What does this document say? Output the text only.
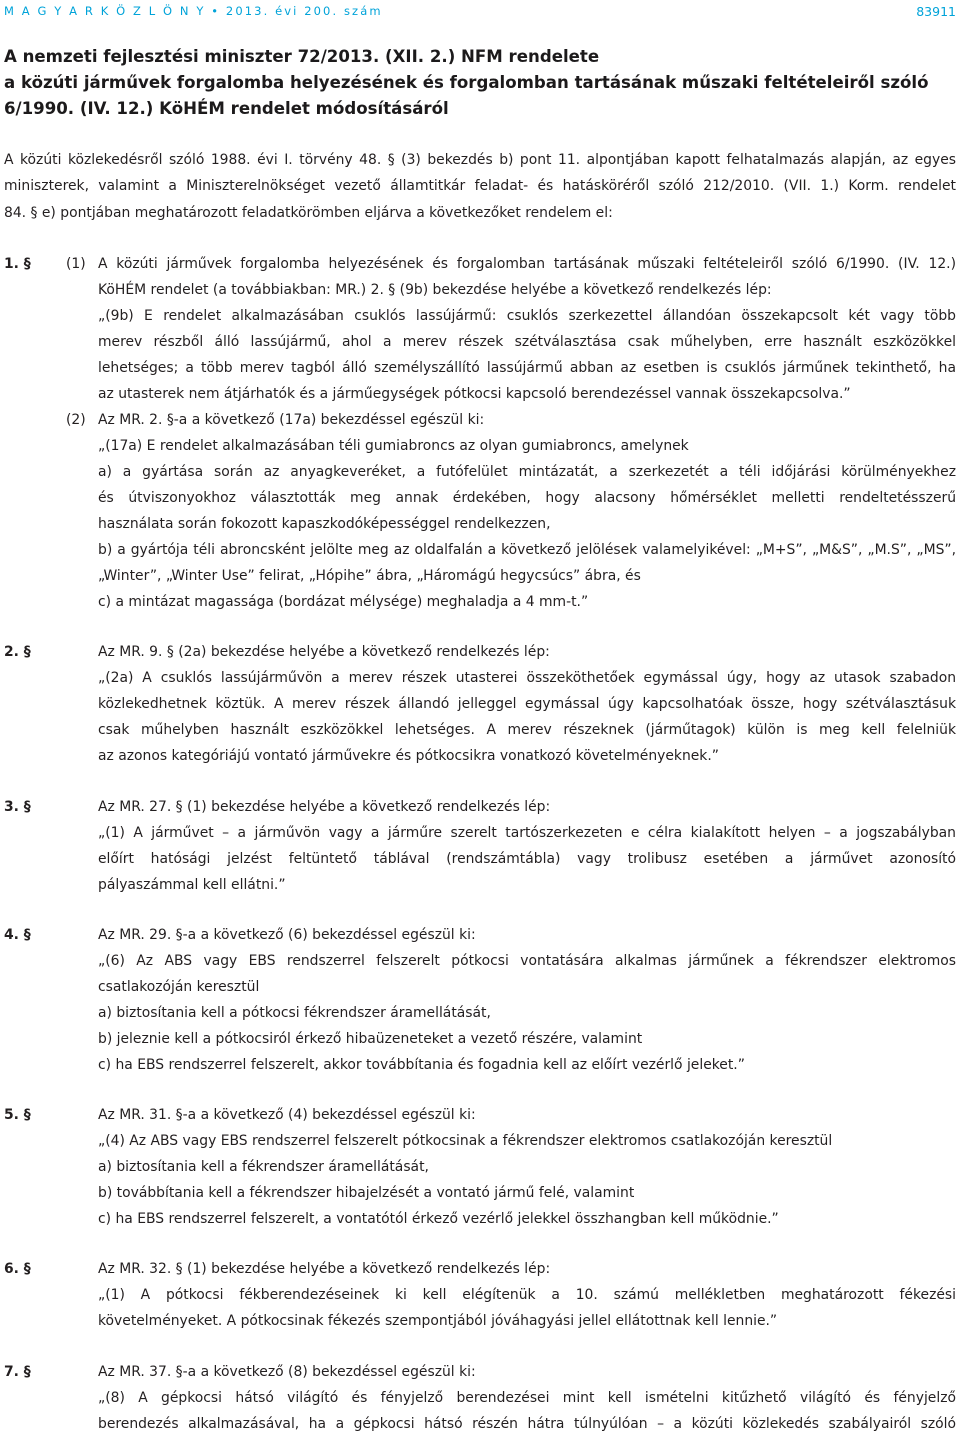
M A G Y A R K Ö Z L Ö N Y • 2013. évi 200. szám	83911
A nemzeti fejlesztési miniszter 72/2013. (XII. 2.) NFM rendelete
a közúti járművek forgalomba helyezésének és forgalomban tartásának műszaki feltételeiről szóló
6/1990. (IV. 12.) KöHÉM rendelet módosításáról
A közúti közlekedésről szóló 1988. évi I. törvény 48. § (3) bekezdés b) pont 11. alpontjában kapott felhatalmazás alapján, az egyes
miniszterek, valamint a Miniszterelnökséget vezető államtitkár feladat- és hatásköréről szóló 212/2010. (VII. 1.) Korm. rendelet
84. § e) pontjában meghatározott feladatkörömben eljárva a következőket rendelem el:
1. §	(1) A közúti járművek forgalomba helyezésének és forgalomban tartásának műszaki feltételeiről szóló 6/1990. (IV. 12.)
KöHÉM rendelet (a továbbiakban: MR.) 2. § (9b) bekezdése helyébe a következő rendelkezés lép:
„(9b) E rendelet alkalmazásában csuklós lassújármű: csuklós szerkezettel állandóan összekapcsolt két vagy több
merev részből álló lassújármű, ahol a merev részek szétválasztása csak műhelyben, erre használt eszközökkel
lehetséges; a több merev tagból álló személyszállító lassújármű abban az esetben is csuklós járműnek tekinthető, ha
az utasterek nem átjárhatók és a járműegységek pótkocsi kapcsoló berendezéssel vannak összekapcsolva.”
(2) Az MR. 2. §-a a következő (17a) bekezdéssel egészül ki:
„(17a) E rendelet alkalmazásában téli gumiabroncs az olyan gumiabroncs, amelynek
a) a gyártása során az anyagkeveréket, a futófelület mintázatát, a szerkezetét a téli időjárási körülményekhez
és útviszonyokhoz választották meg annak érdekében, hogy alacsony hőmérséklet melletti rendeltetésszerű
használata során fokozott kapaszkodóképességgel rendelkezzen,
b) a gyártója téli abroncsként jelölte meg az oldalfalán a következő jelölések valamelyikével: „M+S”, „M&S”, „M.S”, „MS”,
„Winter”, „Winter Use” felirat, „Hópihe” ábra, „Háromágú hegycsúcs” ábra, és
c) a mintázat magassága (bordázat mélysége) meghaladja a 4 mm-t.”
2. §	Az MR. 9. § (2a) bekezdése helyébe a következő rendelkezés lép:
„(2a) A csuklós lassújárművön a merev részek utasterei összeköthetőek egymással úgy, hogy az utasok szabadon
közlekedhetnek köztük. A merev részek állandó jelleggel egymással úgy kapcsolhatóak össze, hogy szétválasztásuk
csak műhelyben használt eszközökkel lehetséges. A merev részeknek (járműtagok) külön is meg kell felelniük
az azonos kategóriájú vontató járművekre és pótkocsikra vonatkozó követelményeknek.”
3. §	Az MR. 27. § (1) bekezdése helyébe a következő rendelkezés lép:
„(1) A járművet – a járművön vagy a járműre szerelt tartószerkezeten e célra kialakított helyen – a jogszabályban
előírt hatósági jelzést feltüntető táblával (rendszámtábla) vagy trolibusz esetében a járművet azonosító
pályaszámmal kell ellátni.”
4. §	Az MR. 29. §-a a következő (6) bekezdéssel egészül ki:
„(6) Az ABS vagy EBS rendszerrel felszerelt pótkocsi vontatására alkalmas járműnek a fékrendszer elektromos
csatlakozóján keresztül
a) biztosítania kell a pótkocsi fékrendszer áramellátását,
b) jeleznie kell a pótkocsiról érkező hibaüzeneteket a vezető részére, valamint
c) ha EBS rendszerrel felszerelt, akkor továbbítania és fogadnia kell az előírt vezérlő jeleket.”
5. §	Az MR. 31. §-a a következő (4) bekezdéssel egészül ki:
„(4) Az ABS vagy EBS rendszerrel felszerelt pótkocsinak a fékrendszer elektromos csatlakozóján keresztül
a) biztosítania kell a fékrendszer áramellátását,
b) továbbítania kell a fékrendszer hibajelzését a vontató jármű felé, valamint
c) ha EBS rendszerrel felszerelt, a vontatótól érkező vezérlő jelekkel összhangban kell működnie.”
6. §	Az MR. 32. § (1) bekezdése helyébe a következő rendelkezés lép:
„(1) A pótkocsi fékberendezéseinek ki kell elégítenük a 10. számú mellékletben meghatározott fékezési
követelményeket. A pótkocsinak fékezés szempontjából jóváhagyási jellel ellátottnak kell lennie.”
7. §	Az MR. 37. §-a a következő (8) bekezdéssel egészül ki:
„(8) A gépkocsi hátsó világító és fényjelző berendezései mint kell ismételni kitűzhető világító és fényjelző
berendezés alkalmazásával, ha a gépkocsi hátsó részén hátra túlnyúlóan – a közúti közlekedés szabályairól szóló
